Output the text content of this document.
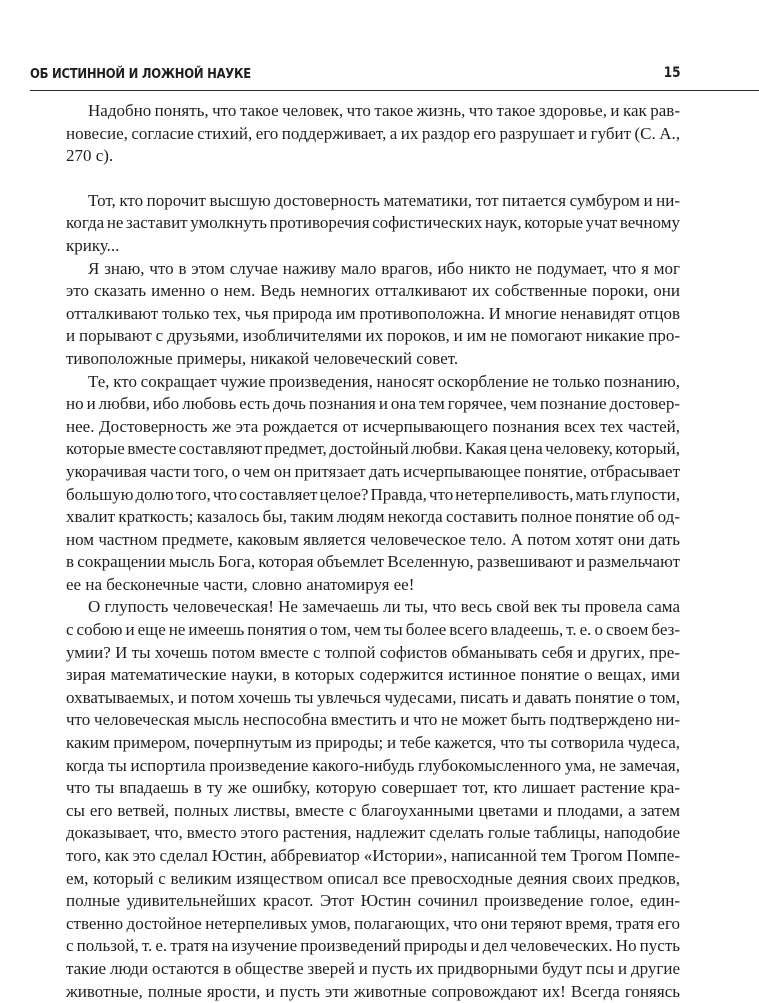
ОБ ИСТИННОЙ И ЛОЖНОЙ НАУКЕ	15

Надобно понять, что такое человек, что такое жизнь, что такое здоровье, и как рав-
новесие, согласие стихий, его поддерживает, а их раздор его разрушает и губит (С. А.,
270 с).

Тот, кто порочит высшую достоверность математики, тот питается сумбуром и ни-
когда не заставит умолкнуть противоречия софистических наук, которые учат вечному
крику...

Я знаю, что в этом случае наживу мало врагов, ибо никто не подумает, что я мог
это сказать именно о нем. Ведь немногих отталкивают их собственные пороки, они
отталкивают только тех, чья природа им противоположна. И многие ненавидят отцов
и порывают с друзьями, изобличителями их пороков, и им не помогают никакие про-
тивоположные примеры, никакой человеческий совет.

Те, кто сокращает чужие произведения, наносят оскорбление не только познанию,
но и любви, ибо любовь есть дочь познания и она тем горячее, чем познание достовер-
нее. Достоверность же эта рождается от исчерпывающего познания всех тех частей,
которые вместе составляют предмет, достойный любви. Какая цена человеку, который,
укорачивая части того, о чем он притязает дать исчерпывающее понятие, отбрасывает
большую долю того, что составляет целое? Правда, что нетерпеливость, мать глупости,
хвалит краткость; казалось бы, таким людям некогда составить полное понятие об од-
ном частном предмете, каковым является человеческое тело. А потом хотят они дать
в сокращении мысль Бога, которая объемлет Вселенную, развешивают и размельчают
ее на бесконечные части, словно анатомируя ее!

О глупость человеческая! Не замечаешь ли ты, что весь свой век ты провела сама
с собою и еще не имеешь понятия о том, чем ты более всего владеешь, т. е. о своем без-
умии? И ты хочешь потом вместе с толпой софистов обманывать себя и других, пре-
зирая математические науки, в которых содержится истинное понятие о вещах, ими
охватываемых, и потом хочешь ты увлечься чудесами, писать и давать понятие о том,
что человеческая мысль неспособна вместить и что не может быть подтверждено ни-
каким примером, почерпнутым из природы; и тебе кажется, что ты сотворила чудеса,
когда ты испортила произведение какого-нибудь глубокомысленного ума, не замечая,
что ты впадаешь в ту же ошибку, которую совершает тот, кто лишает растение кра-
сы его ветвей, полных листвы, вместе с благоуханными цветами и плодами, а затем
доказывает, что, вместо этого растения, надлежит сделать голые таблицы, наподобие
того, как это сделал Юстин, аббревиатор «Истории», написанной тем Трогом Помпе-
ем, который с великим изяществом описал все превосходные деяния своих предков,
полные удивительнейших красот. Этот Юстин сочинил произведение голое, един-
ственно достойное нетерпеливых умов, полагающих, что они теряют время, тратя его
с пользой, т. е. тратя на изучение произведений природы и дел человеческих. Но пусть
такие люди остаются в обществе зверей и пусть их придворными будут псы и другие
животные, полные ярости, и пусть эти животные сопровождают их! Всегда гоняясь
